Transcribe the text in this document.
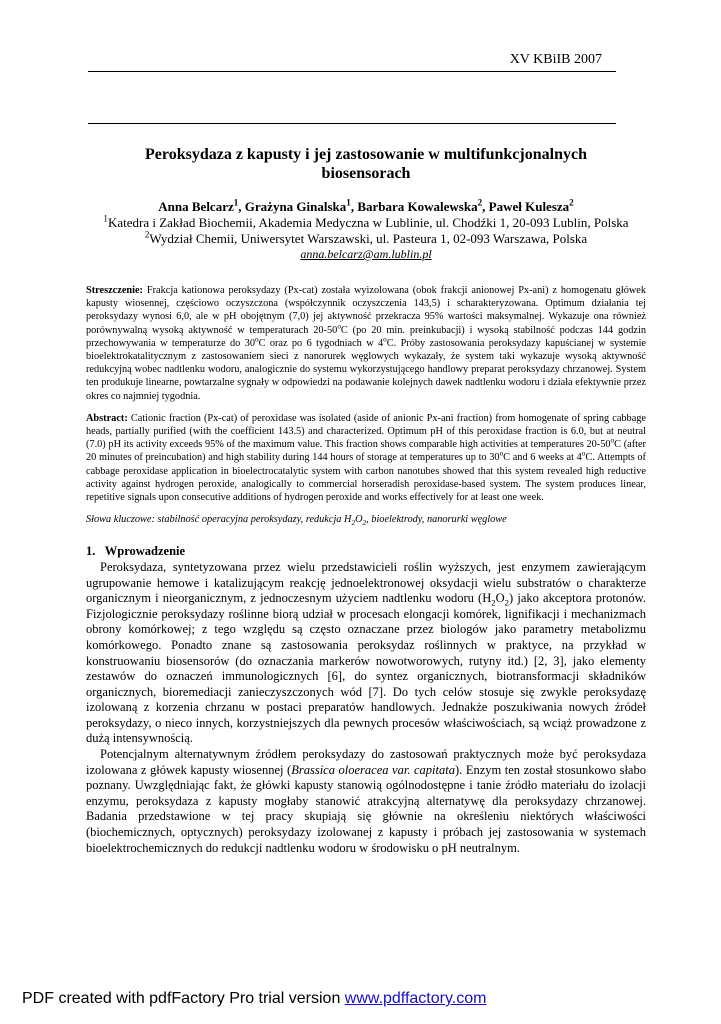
XV KBiIB 2007
Peroksydaza z kapusty i jej zastosowanie w multifunkcjonalnych biosensorach
Anna Belcarz$^1$, Grażyna Ginalska$^1$, Barbara Kowalewska$^2$, Paweł Kulesza$^2$
$^1$Katedra i Zakład Biochemii, Akademia Medyczna w Lublinie, ul. Chodźki 1, 20-093 Lublin, Polska
$^2$Wydział Chemii, Uniwersytet Warszawski, ul. Pasteura 1, 02-093 Warszawa, Polska
anna.belcarz@am.lublin.pl

Streszczenie: Frakcja kationowa peroksydazy (Px-cat) została wyizolowana (obok frakcji anionowej Px-ani) z homogenatu główek kapusty wiosennej, częściowo oczyszczona (współczynnik oczyszczenia 143,5) i scharakteryzowana. Optimum działania tej peroksydazy wynosi 6,0, ale w pH obojętnym (7,0) jej aktywność przekracza 95% wartości maksymalnej. Wykazuje ona również porównywalną wysoką aktywność w temperaturach 20-50$^o$C (po 20 min. preinkubacji) i wysoką stabilność podczas 144 godzin przechowywania w temperaturze do 30$^o$C oraz po 6 tygodniach w 4$^o$C. Próby zastosowania peroksydazy kapuścianej w systemie bioelektrokatalitycznym z zastosowaniem sieci z nanorurek węglowych wykazały, że system taki wykazuje wysoką aktywność redukcyjną wobec nadtlenku wodoru, analogicznie do systemu wykorzystującego handlowy preparat peroksydazy chrzanowej. System ten produkuje linearne, powtarzalne sygnały w odpowiedzi na podawanie kolejnych dawek nadtlenku wodoru i działa efektywnie przez okres co najmniej tygodnia.

Abstract: Cationic fraction (Px-cat) of peroxidase was isolated (aside of anionic Px-ani fraction) from homogenate of spring cabbage heads, partially purified (with the coefficient 143.5) and characterized. Optimum pH of this peroxidase fraction is 6.0, but at neutral (7.0) pH its activity exceeds 95% of the maximum value. This fraction shows comparable high activities at temperatures 20-50$^o$C (after 20 minutes of preincubation) and high stability during 144 hours of storage at temperatures up to 30$^o$C and 6 weeks at 4$^o$C. Attempts of cabbage peroxidase application in bioelectrocatalytic system with carbon nanotubes showed that this system revealed high reductive activity against hydrogen peroxide, analogically to commercial horseradish peroxidase-based system. The system produces linear, repetitive signals upon consecutive additions of hydrogen peroxide and works effectively for at least one week.

Słowa kluczowe: stabilność operacyjna peroksydazy, redukcja $H_2O_2$, bioelektrody, nanorurki węglowe

1. Wprowadzenie

Peroksydaza, syntetyzowana przez wielu przedstawicieli roślin wyższych, jest enzymem zawierającym ugrupowanie hemowe i katalizującym reakcję jednoelektronowej oksydacji wielu substratów o charakterze organicznym i nieorganicznym, z jednoczesnym użyciem nadtlenku wodoru $(H_2O_2)$ jako akceptora protonów. Fizjologicznie peroksydazy roślinne biorą udział w procesach elongacji komórek, lignifikacji i mechanizmach obrony komórkowej; z tego względu są często oznaczane przez biologów jako parametry metabolizmu komórkowego. Ponadto znane są zastosowania peroksydaz roślinnych w praktyce, na przykład w konstruowaniu biosensorów (do oznaczania markerów nowotworowych, rutyny itd.) [2, 3], jako elementy zestawów do oznaczeń immunologicznych [6], do syntez organicznych, biotransformacji składników organicznych, bioremediacji zanieczyszczonych wód [7]. Do tych celów stosuje się zwykle peroksydazę izolowaną z korzenia chrzanu w postaci preparatów handlowych. Jednakże poszukiwania nowych źródeł peroksydazy, o nieco innych, korzystniejszych dla pewnych procesów właściwościach, są wciąż prowadzone z dużą intensywnością.

Potencjalnym alternatywnym źródłem peroksydazy do zastosowań praktycznych może być peroksydaza izolowana z główek kapusty wiosennej (Brassica oloeracea var. capitata). Enzym ten został stosunkowo słabo poznany. Uwzględniając fakt, że główki kapusty stanowią ogólnodostępne i tanie źródło materiału do izolacji enzymu, peroksydaza z kapusty mogłaby stanowić atrakcyjną alternatywę dla peroksydazy chrzanowej. Badania przedstawione w tej pracy skupiają się głównie na określeniu niektórych właściwości (biochemicznych, optycznych) peroksydazy izolowanej z kapusty i próbach jej zastosowania w systemach bioelektrochemicznych do redukcji nadtlenku wodoru w środowisku o pH neutralnym.

PDF created with pdfFactory Pro trial version www.pdffactory.com
